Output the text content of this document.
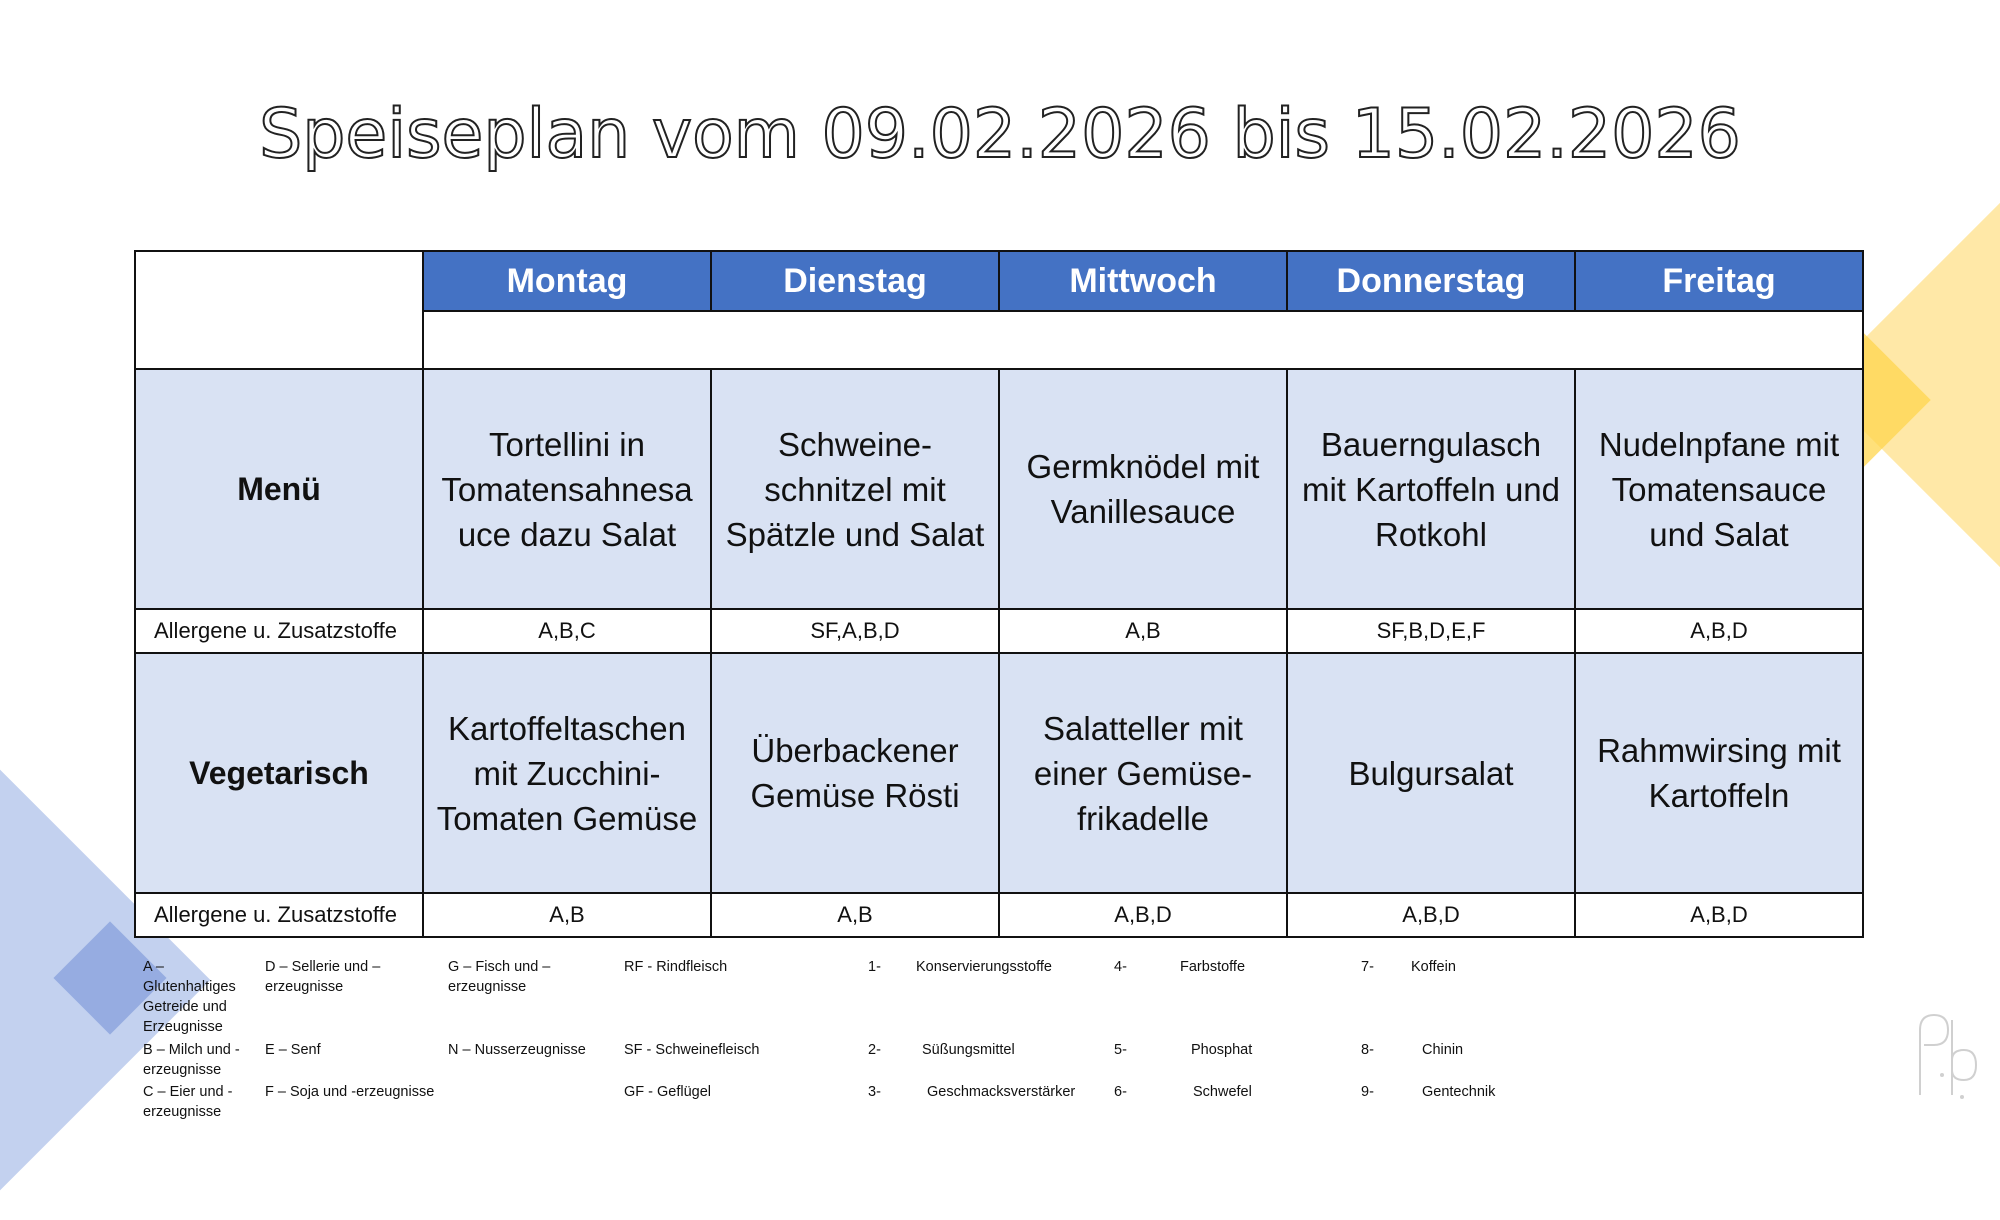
Speiseplan vom 09.02.2026 bis 15.02.2026
	Montag	Dienstag	Mittwoch	Donnerstag	Freitag

Menü	Tortellini in Tomatensahnesa uce dazu Salat	Schweine-schnitzel mit Spätzle und Salat	Germknödel mit Vanillesauce	Bauerngulasch mit Kartoffeln und Rotkohl	Nudelnpfane mit Tomatensauce und Salat
Allergene u. Zusatzstoffe	A,B,C	SF,A,B,D	A,B	SF,B,D,E,F	A,B,D
Vegetarisch	Kartoffeltaschen mit Zucchini-Tomaten Gemüse	Überbackener Gemüse Rösti	Salatteller mit einer Gemüse-frikadelle	Bulgursalat	Rahmwirsing mit Kartoffeln
Allergene u. Zusatzstoffe	A,B	A,B	A,B,D	A,B,D	A,B,D
A – Glutenhaltiges Getreide und Erzeugnisse
B – Milch und -erzeugnisse
C – Eier und -erzeugnisse
D – Sellerie und – erzeugnisse
E – Senf
F – Soja und -erzeugnisse
G – Fisch und – erzeugnisse
N – Nusserzeugnisse
RF - Rindfleisch
SF - Schweinefleisch
GF - Geflügel
1- Konservierungsstoffe	4-	Farbstoffe	7-	Koffein
2-	Süßungsmittel	5-	Phosphat	8-	Chinin
3-	Geschmacksverstärker	6-	Schwefel	9-	Gentechnik
